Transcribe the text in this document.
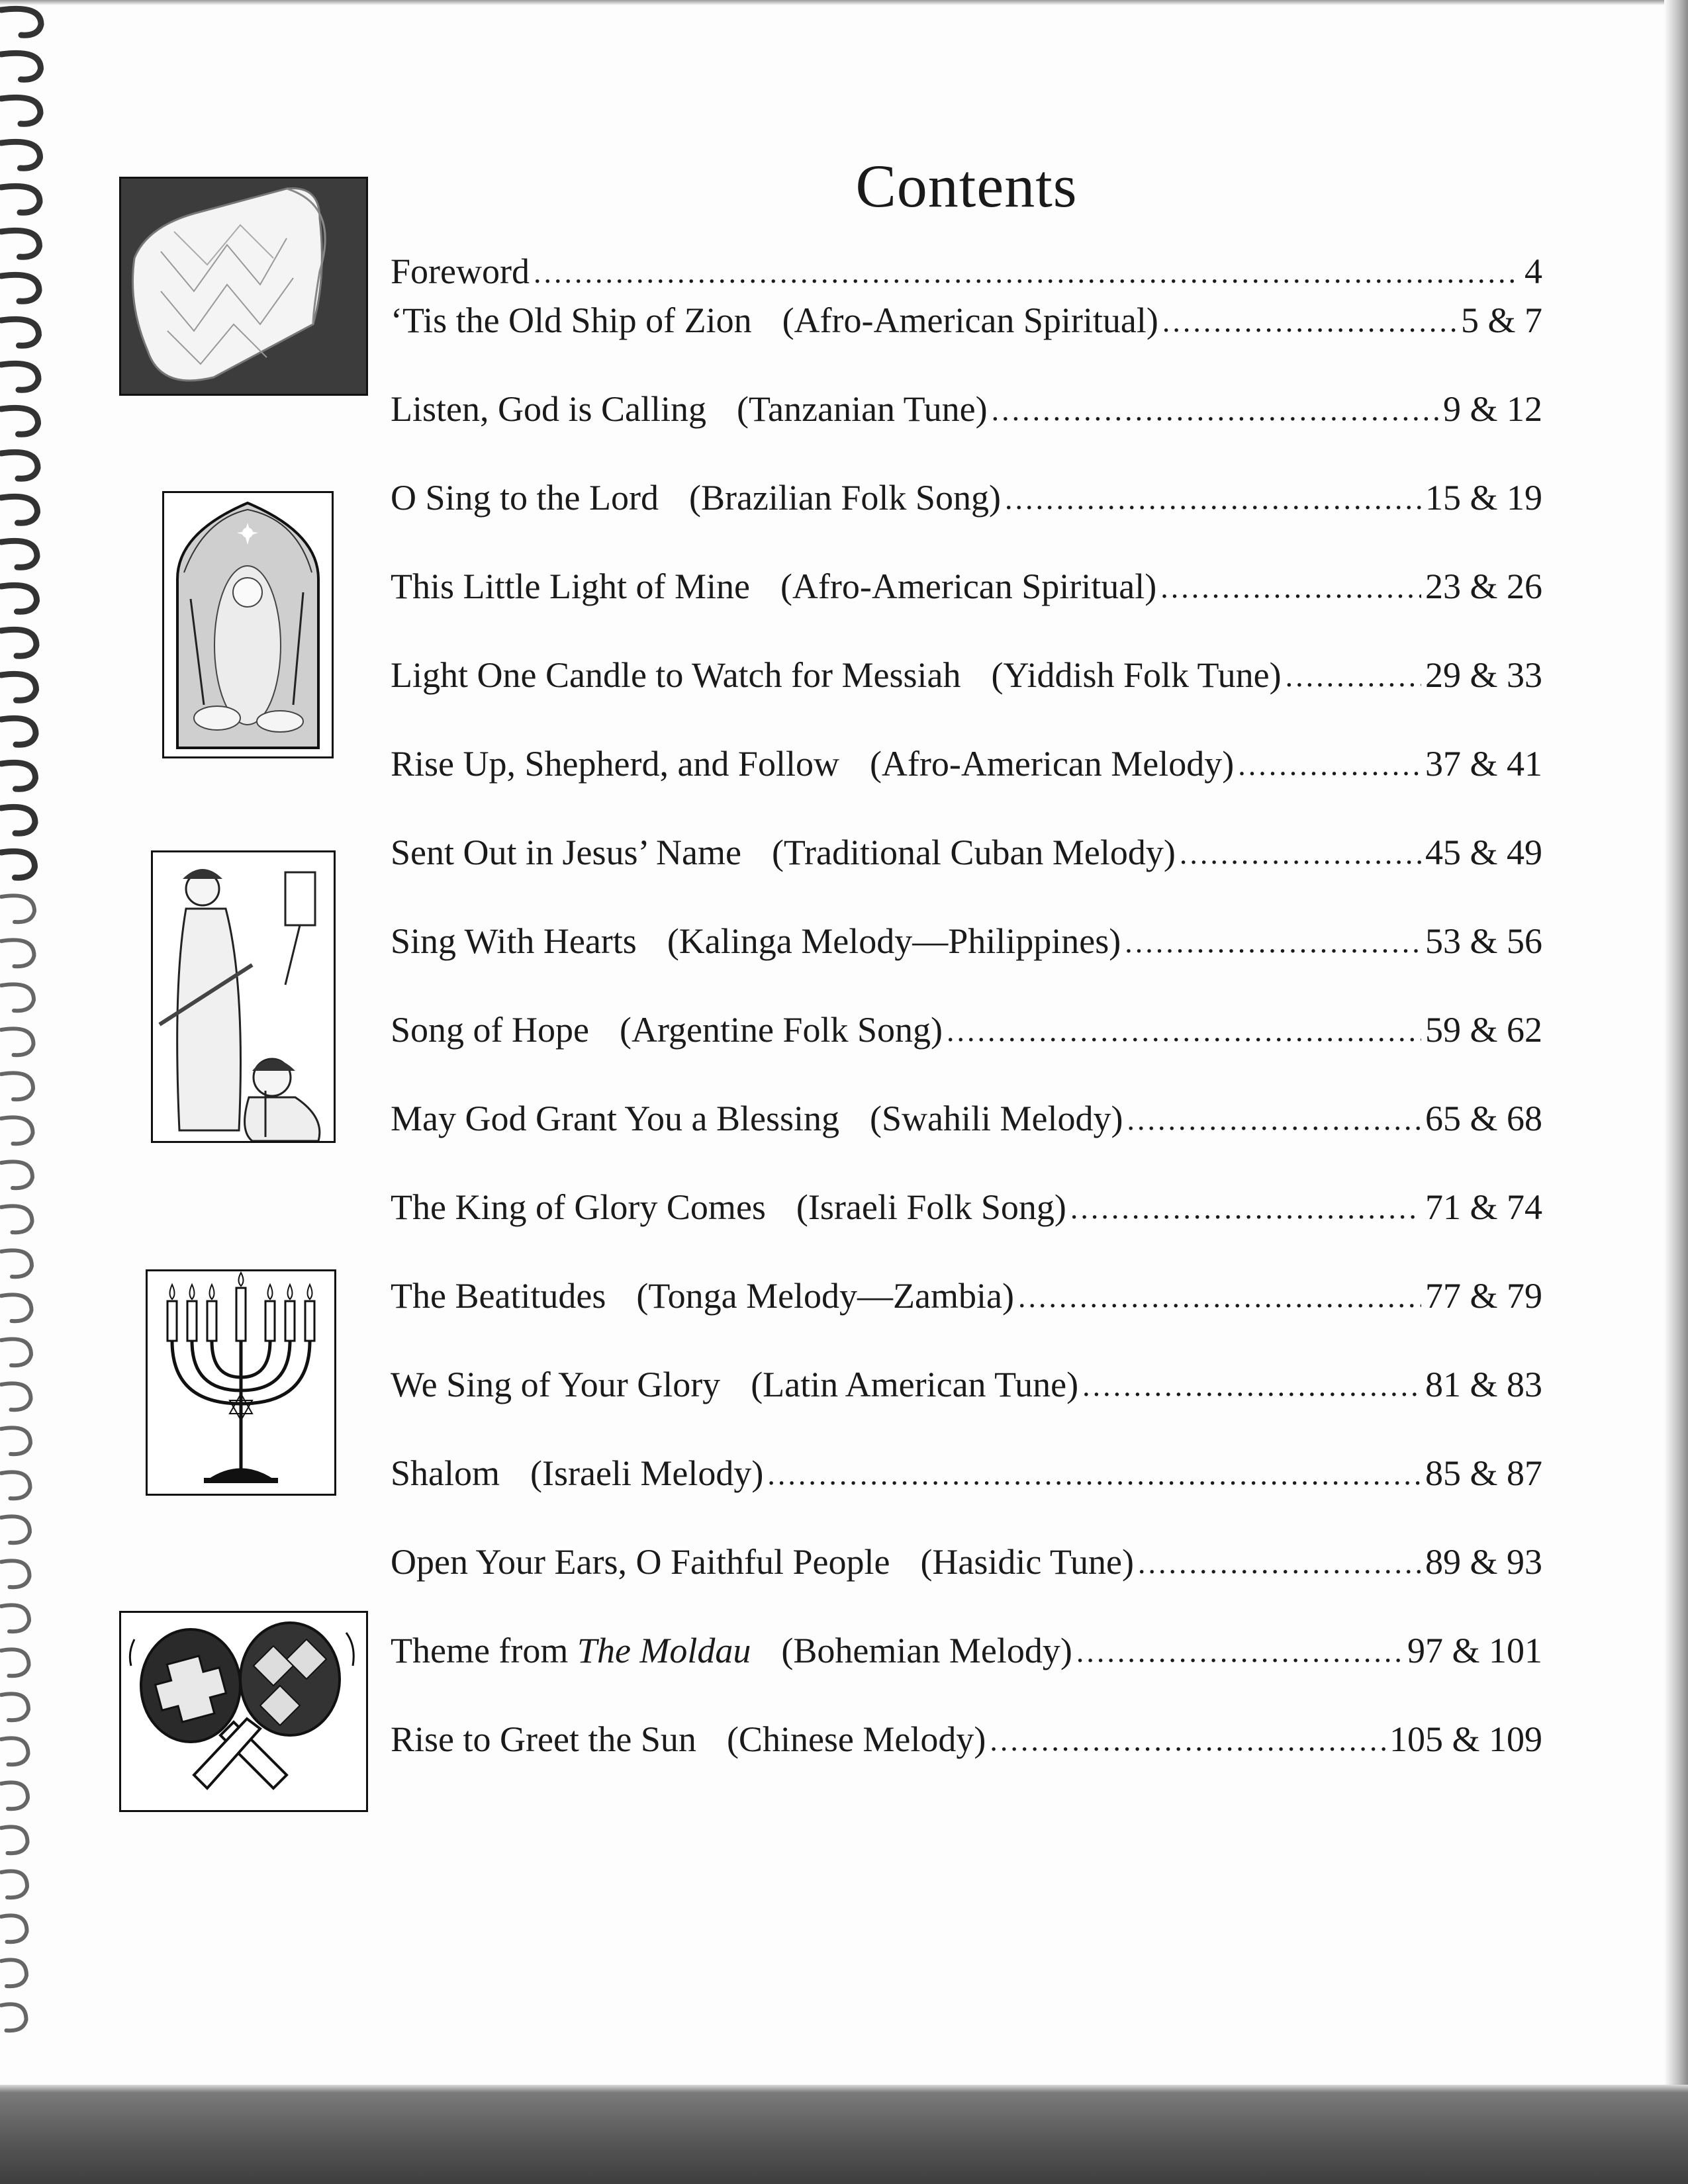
Contents
Foreword .....	4
‘Tis the Old Ship of Zion (Afro-American Spiritual) .....	5 & 7
Listen, God is Calling (Tanzanian Tune) .....	9 & 12
O Sing to the Lord (Brazilian Folk Song) .....	15 & 19
This Little Light of Mine (Afro-American Spiritual) .....	23 & 26
Light One Candle to Watch for Messiah (Yiddish Folk Tune) .....	29 & 33
Rise Up, Shepherd, and Follow (Afro-American Melody) .....	37 & 41
Sent Out in Jesus’ Name (Traditional Cuban Melody) .....	45 & 49
Sing With Hearts (Kalinga Melody—Philippines) .....	53 & 56
Song of Hope (Argentine Folk Song) .....	59 & 62
May God Grant You a Blessing (Swahili Melody) .....	65 & 68
The King of Glory Comes (Israeli Folk Song) .....	71 & 74
The Beatitudes (Tonga Melody—Zambia) .....	77 & 79
We Sing of Your Glory (Latin American Tune) .....	81 & 83
Shalom (Israeli Melody) .....	85 & 87
Open Your Ears, O Faithful People (Hasidic Tune) .....	89 & 93
Theme from The Moldau (Bohemian Melody) .....	97 & 101
Rise to Greet the Sun (Chinese Melody) .....	105 & 109
